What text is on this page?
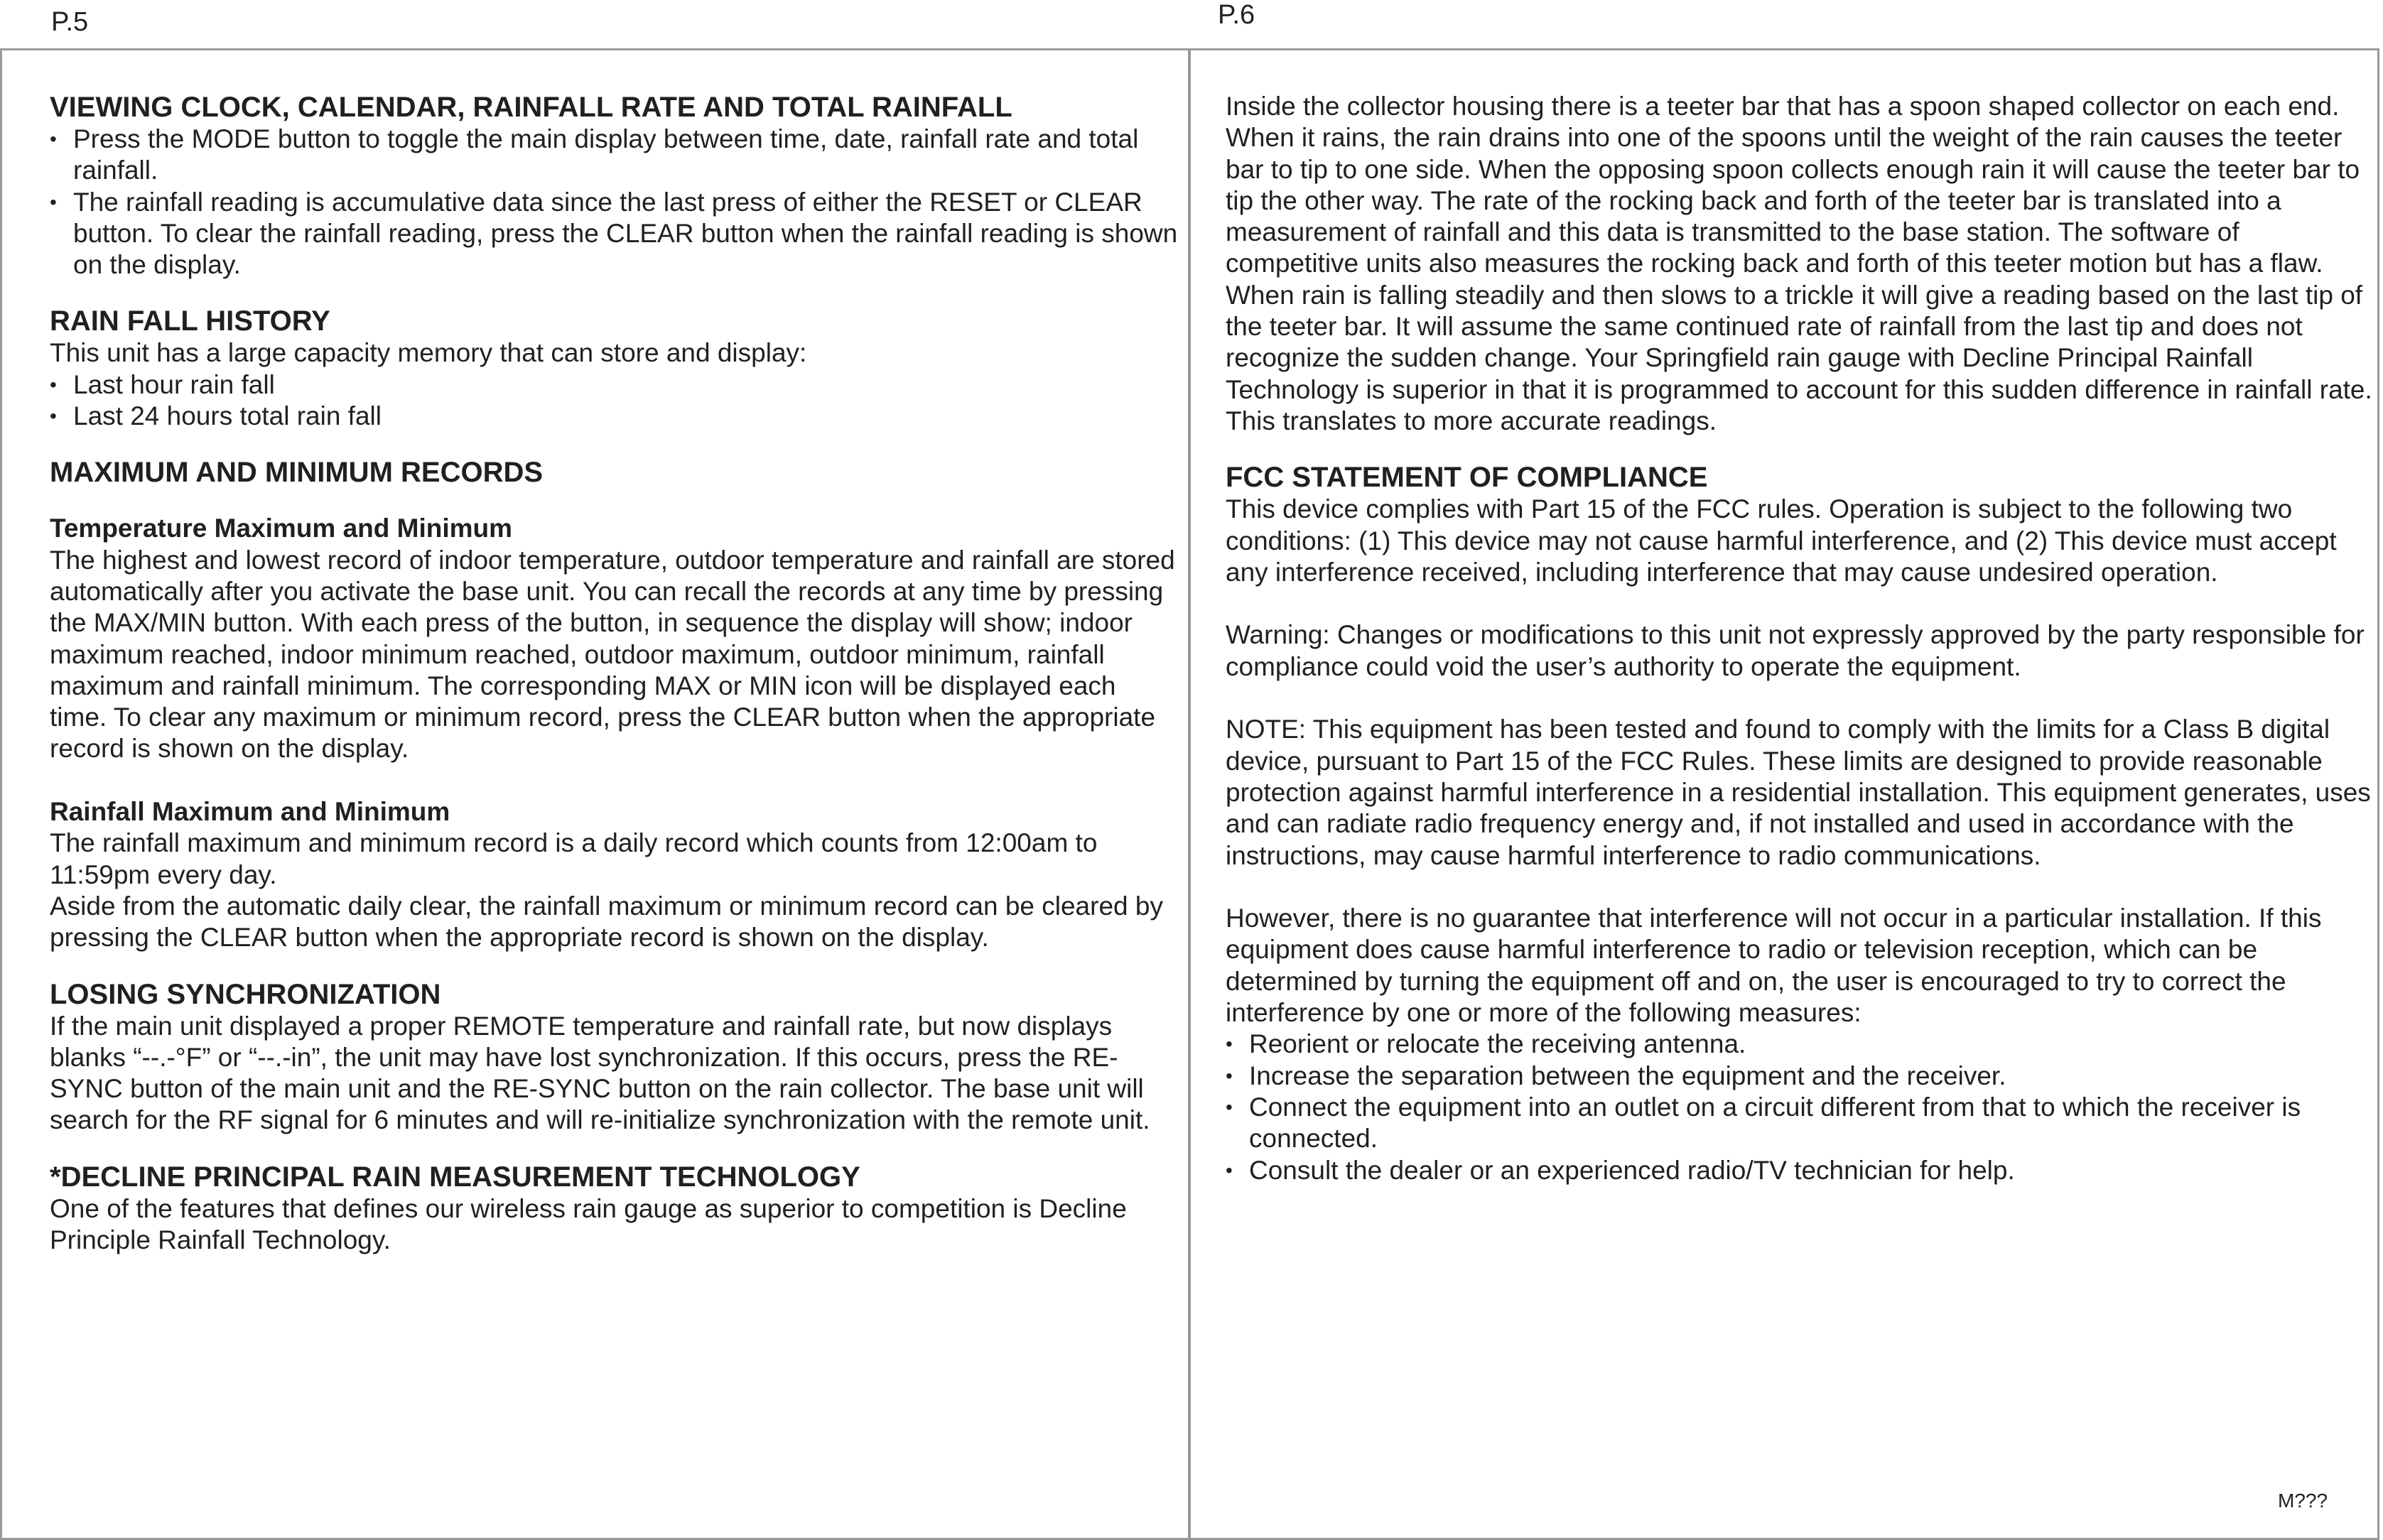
P.5	P.6
VIEWING CLOCK, CALENDAR, RAINFALL RATE AND TOTAL RAINFALL
• Press the MODE button to toggle the main display between time, date, rainfall rate and total rainfall.
• The rainfall reading is accumulative data since the last press of either the RESET or CLEAR button. To clear the rainfall reading, press the CLEAR button when the rainfall reading is shown on the display.
RAIN FALL HISTORY

This unit has a large capacity memory that can store and display:

• Last hour rain fall
• Last 24 hours total rain fall
MAXIMUM AND MINIMUM RECORDS
Temperature Maximum and Minimum

The highest and lowest record of indoor temperature, outdoor temperature and rainfall are stored automatically after you activate the base unit. You can recall the records at any time by pressing the MAX/MIN button. With each press of the button, in sequence the display will show; indoor maximum reached, indoor minimum reached, outdoor maximum, outdoor minimum, rainfall maximum and rainfall minimum. The corresponding MAX or MIN icon will be displayed each time. To clear any maximum or minimum record, press the CLEAR button when the appropriate record is shown on the display.

Rainfall Maximum and Minimum

The rainfall maximum and minimum record is a daily record which counts from 12:00am to 11:59pm every day.

Aside from the automatic daily clear, the rainfall maximum or minimum record can be cleared by pressing the CLEAR button when the appropriate record is shown on the display.

LOSING SYNCHRONIZATION

If the main unit displayed a proper REMOTE temperature and rainfall rate, but now displays blanks “--.-°F” or “--.-in”, the unit may have lost synchronization. If this occurs, press the RE-SYNC button of the main unit and the RE-SYNC button on the rain collector. The base unit will search for the RF signal for 6 minutes and will re-initialize synchronization with the remote unit.

*DECLINE PRINCIPAL RAIN MEASUREMENT TECHNOLOGY

One of the features that defines our wireless rain gauge as superior to competition is Decline Principle Rainfall Technology.

Inside the collector housing there is a teeter bar that has a spoon shaped collector on each end. When it rains, the rain drains into one of the spoons until the weight of the rain causes the teeter bar to tip to one side. When the opposing spoon collects enough rain it will cause the teeter bar to tip the other way. The rate of the rocking back and forth of the teeter bar is translated into a measurement of rainfall and this data is transmitted to the base station. The software of competitive units also measures the rocking back and forth of this teeter motion but has a flaw. When rain is falling steadily and then slows to a trickle it will give a reading based on the last tip of the teeter bar. It will assume the same continued rate of rainfall from the last tip and does not recognize the sudden change. Your Springfield rain gauge with Decline Principal Rainfall Technology is superior in that it is programmed to account for this sudden difference in rainfall rate. This translates to more accurate readings.

FCC STATEMENT OF COMPLIANCE

This device complies with Part 15 of the FCC rules. Operation is subject to the following two conditions: (1) This device may not cause harmful interference, and (2) This device must accept any interference received, including interference that may cause undesired operation.

Warning: Changes or modifications to this unit not expressly approved by the party responsible for compliance could void the user’s authority to operate the equipment.

NOTE: This equipment has been tested and found to comply with the limits for a Class B digital device, pursuant to Part 15 of the FCC Rules. These limits are designed to provide reasonable protection against harmful interference in a residential installation. This equipment generates, uses and can radiate radio frequency energy and, if not installed and used in accordance with the instructions, may cause harmful interference to radio communications.

However, there is no guarantee that interference will not occur in a particular installation. If this equipment does cause harmful interference to radio or television reception, which can be determined by turning the equipment off and on, the user is encouraged to try to correct the interference by one or more of the following measures:

• Reorient or relocate the receiving antenna.
• Increase the separation between the equipment and the receiver.
• Connect the equipment into an outlet on a circuit different from that to which the receiver is connected.
• Consult the dealer or an experienced radio/TV technician for help.
M???
